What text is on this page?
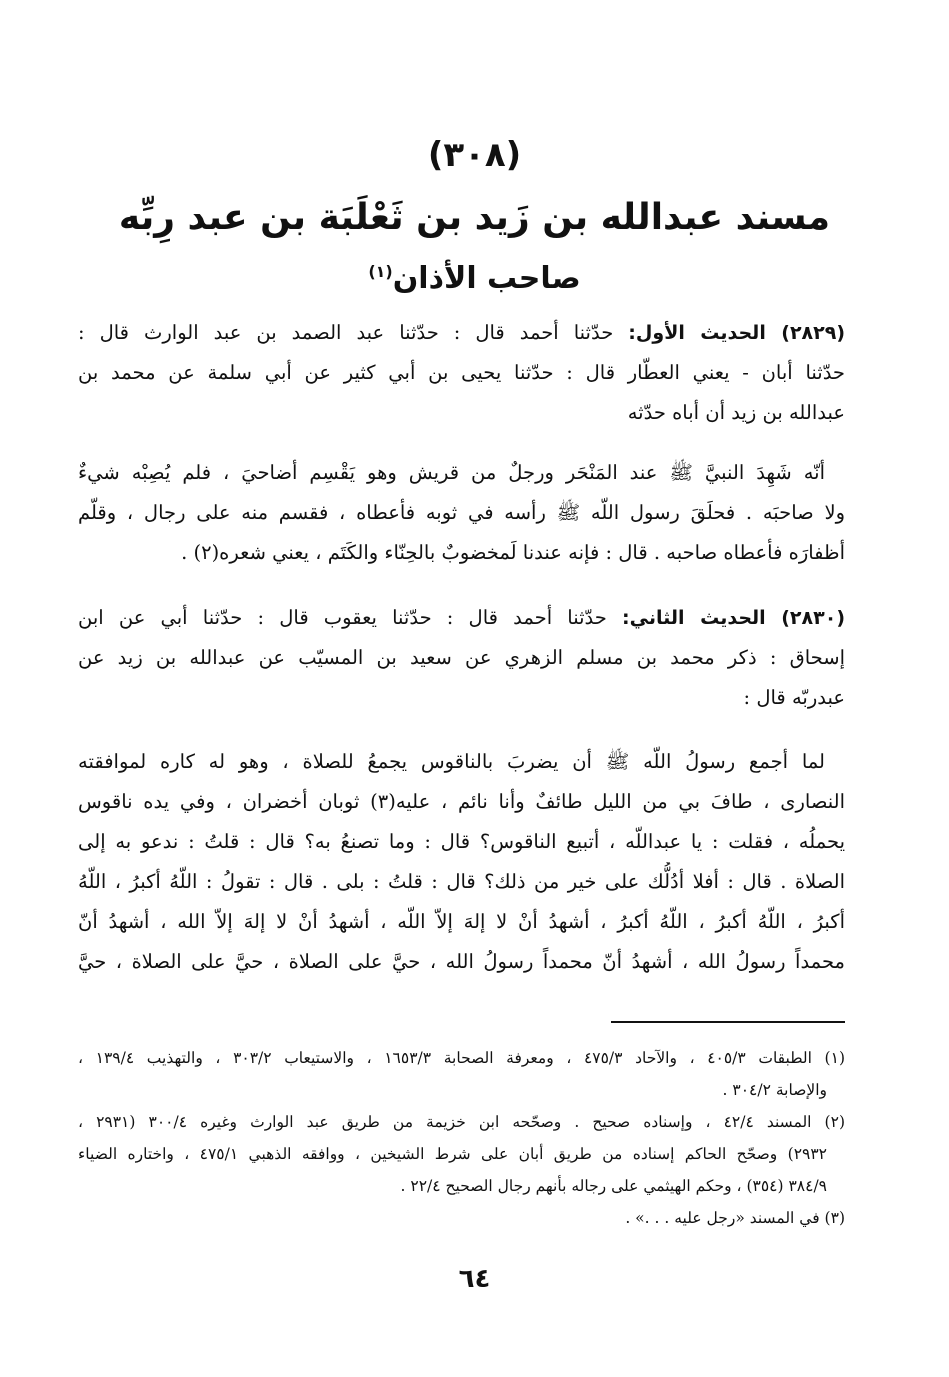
(٣٠٨)
مسند عبدالله بن زَيد بن ثَعْلَبَة بن عبد رِبِّه
صاحب الأذان$^{(١)}$
(٢٨٢٩) الحديث الأول: حدّثنا أحمد قال : حدّثنا عبد الصمد بن عبد الوارث قال :
حدّثنا أبان - يعني العطّار قال : حدّثنا يحيى بن أبي كثير عن أبي سلمة عن محمد بن
عبدالله بن زيد أن أباه حدّثه
أنّه شَهِدَ النبيَّ ﷺ عند المَنْحَر ورجلٌ من قريش وهو يَقْسِم أضاحيَ ، فلم يُصِبْه شيءٌ
ولا صاحبَه . فحلَقَ رسول اللّه ﷺ رأسه في ثوبه فأعطاه ، فقسم منه على رجال ، وقلّم
أظفارَه فأعطاه صاحبه . قال : فإنه عندنا لَمخضوبٌ بالحِنّاء والكَتَم ، يعني شعره(٢) .
(٢٨٣٠) الحديث الثاني: حدّثنا أحمد قال : حدّثنا يعقوب قال : حدّثنا أبي عن ابن
إسحاق : ذكر محمد بن مسلم الزهري عن سعيد بن المسيّب عن عبدالله بن زيد عن
عبدربّه قال :
لما أجمع رسولُ اللّه ﷺ أن يضربَ بالناقوس يجمعُ للصلاة ، وهو له كاره لموافقته
النصارى ، طافَ بي من الليل طائفٌ وأنا نائم ، عليه(٣) ثوبان أخضران ، وفي يده ناقوس
يحملُه ، فقلت : يا عبداللّه ، أتبيع الناقوس؟ قال : وما تصنعُ به؟ قال : قلتُ : ندعو به إلى
الصلاة . قال : أفلا أدُلُّك على خير من ذلك؟ قال : قلتُ : بلى . قال : تقولُ : اللّهُ أكبرُ ، اللّهُ
أكبرُ ، اللّهُ أكبرُ ، اللّهُ أكبرُ ، أشهدُ أنْ لا إلهَ إلاّ اللّه ، أشهدُ أنْ لا إلهَ إلاّ الله ، أشهدُ أنّ
محمداً رسولُ الله ، أشهدُ أنّ محمداً رسولُ الله ، حيَّ على الصلاة ، حيَّ على الصلاة ، حيَّ
(١) الطبقات ٤٠٥/٣ ، والآحاد ٤٧٥/٣ ، ومعرفة الصحابة ١٦٥٣/٣ ، والاستيعاب ٣٠٣/٢ ، والتهذيب ١٣٩/٤ ،
والإصابة ٣٠٤/٢ .
(٢) المسند ٤٢/٤ ، وإسناده صحيح . وصحّحه ابن خزيمة من طريق عبد الوارث وغيره ٣٠٠/٤ (٢٩٣١ ،
٢٩٣٢) وصحّح الحاكم إسناده من طريق أبان على شرط الشيخين ، ووافقه الذهبي ٤٧٥/١ ، واختاره الضياء
٣٨٤/٩ (٣٥٤) ، وحكم الهيثمي على رجاله بأنهم رجال الصحيح ٢٢/٤ .
(٣) في المسند «رجل عليه . . .» .
٦٤
